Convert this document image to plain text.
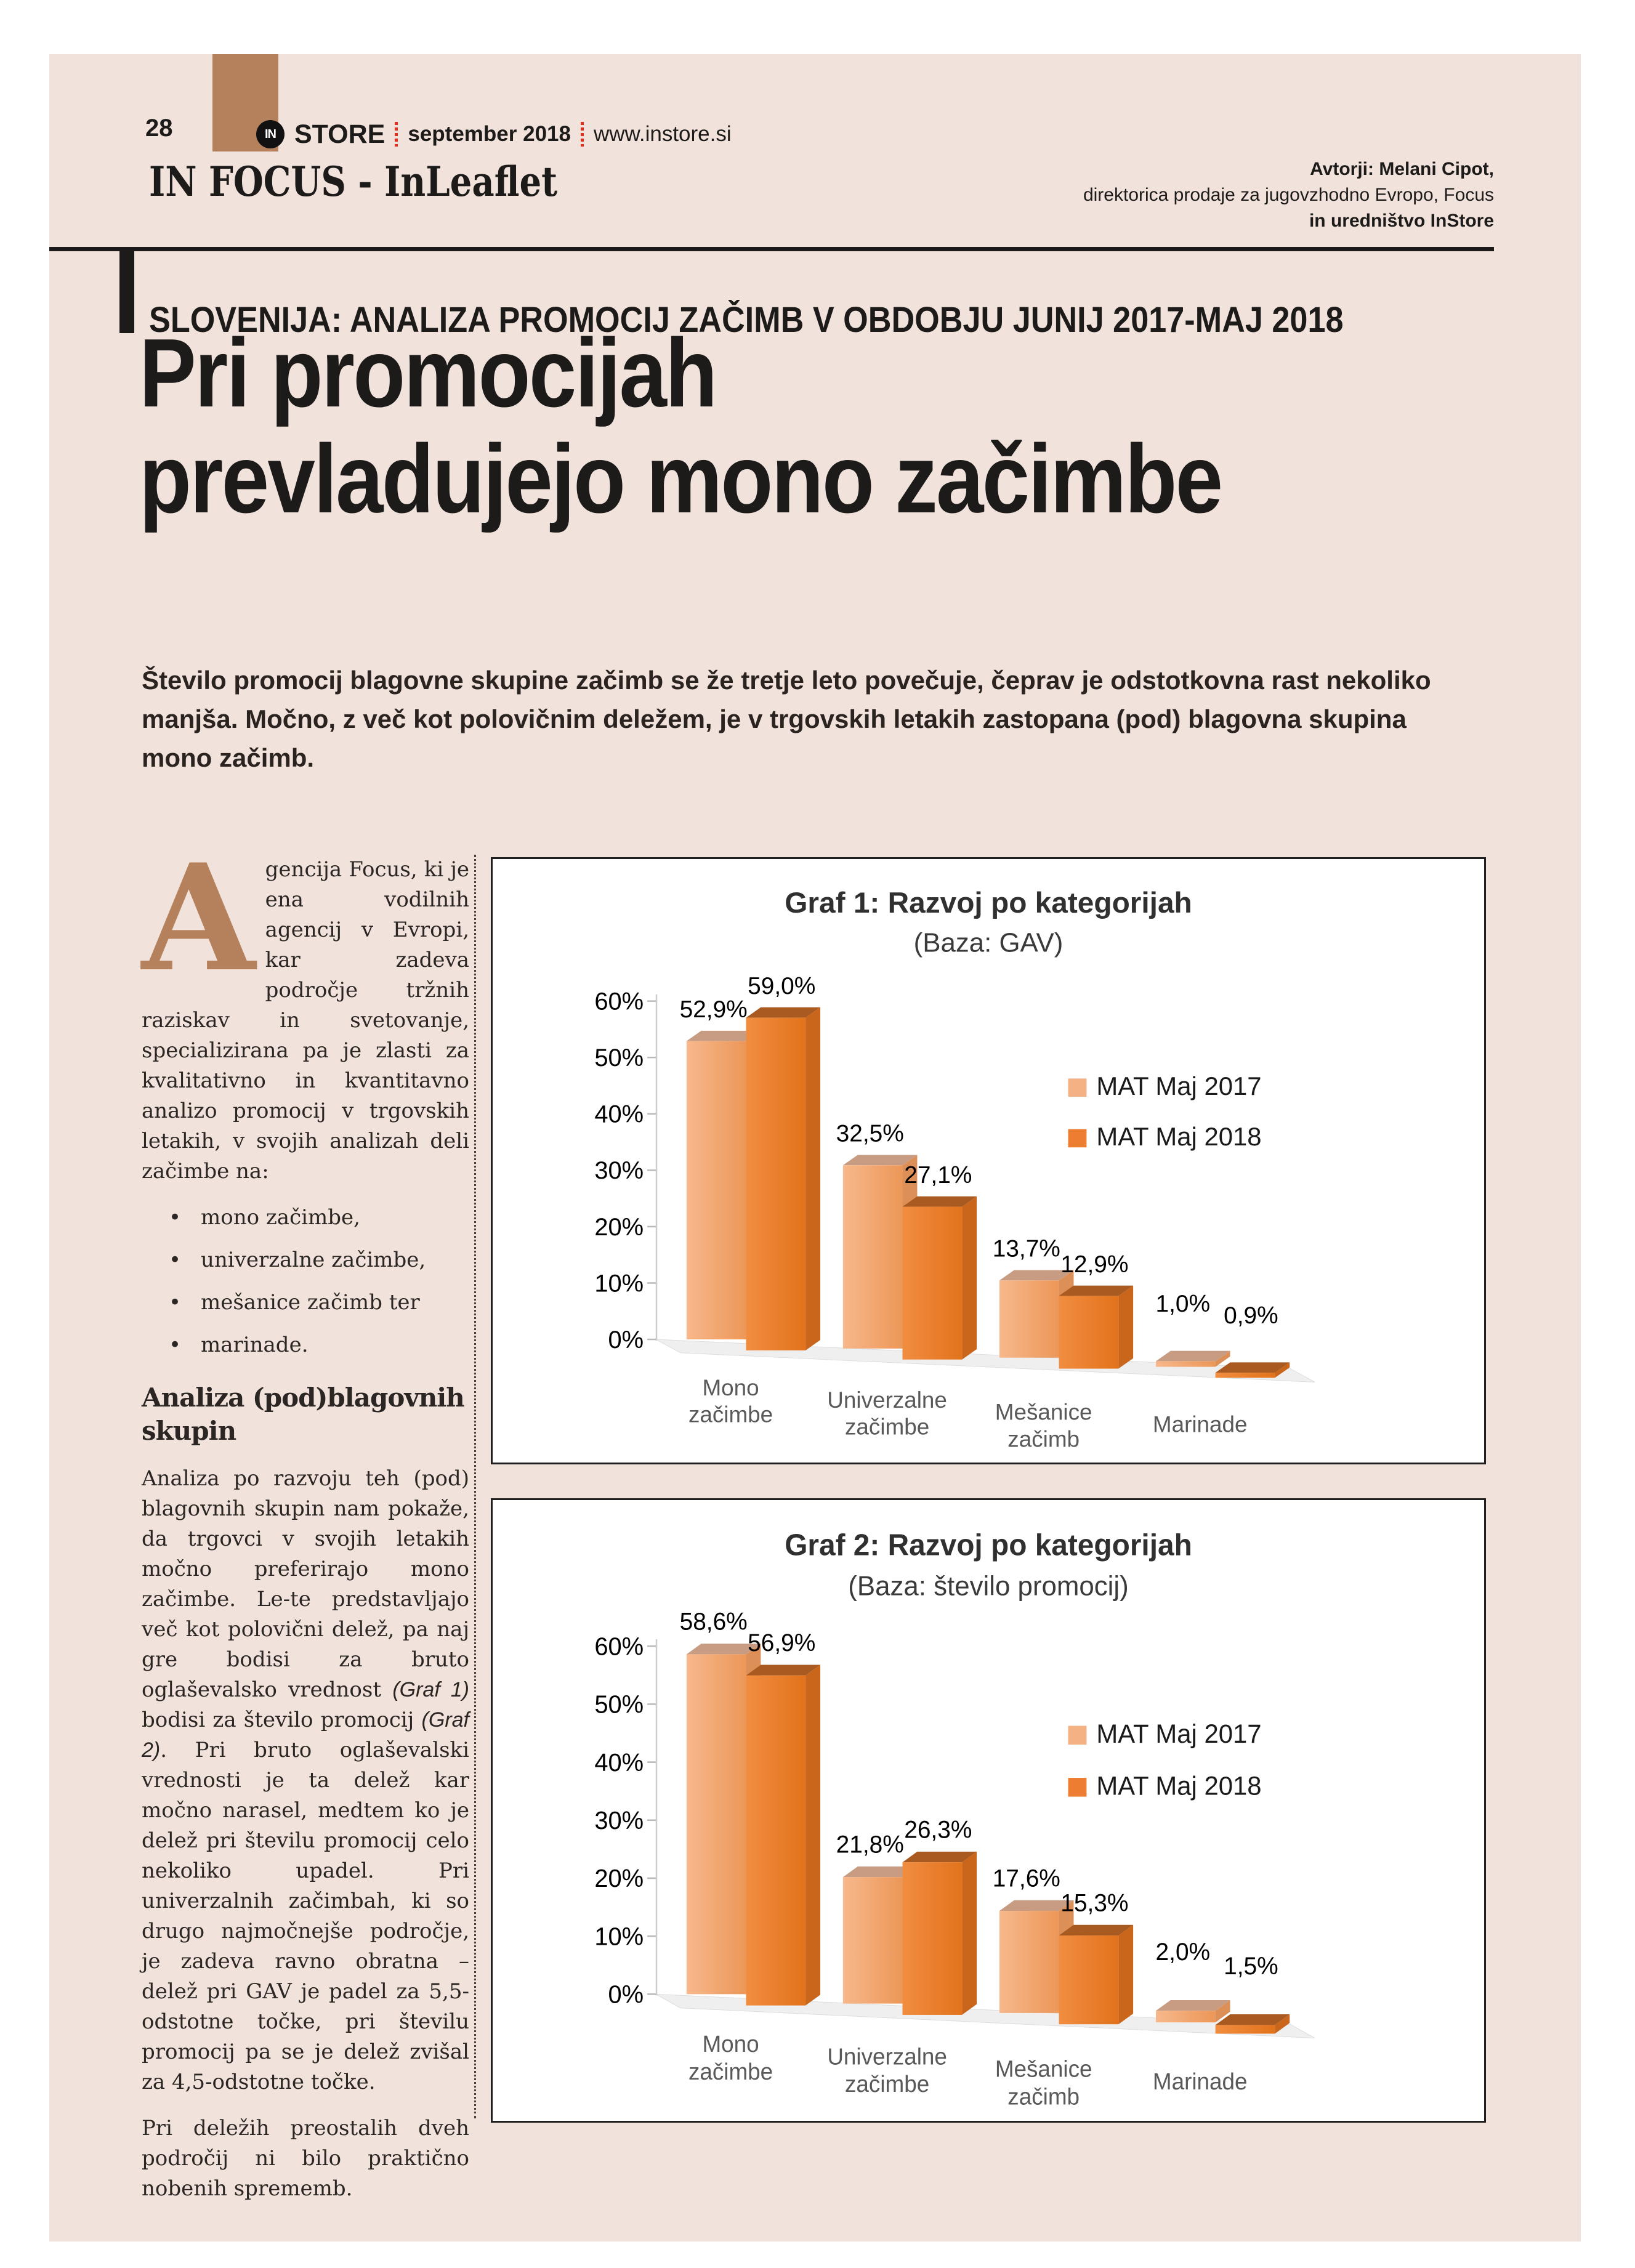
28	IN STORE september 2018 www.instore.si
IN FOCUS - InLeaflet	Avtorji: Melani Cipot,
direktorica prodaje za jugovzhodno Evropo, Focus
in uredništvo InStore
SLOVENIJA: ANALIZA PROMOCIJ ZAČIMB V OBDOBJU JUNIJ 2017-MAJ 2018
Pri promocijah
prevladujejo mono začimbe
Število promocij blagovne skupine začimb se že tretje leto povečuje, čeprav je odstotkovna rast nekoliko manjša. Močno, z več kot polovičnim deležem, je v trgovskih letakih zastopana (pod) blagovna skupina mono začimb.
Agencija Focus, ki je ena vodilnih agencij v Evropi, kar zadeva področje tržnih raziskav in svetovanje, specializirana pa je zlasti za kvalitativno in kvantitavno analizo promocij v trgovskih letakih, v svojih analizah deli začimbe na:
• mono začimbe,
• univerzalne začimbe,
• mešanice začimb ter
• marinade.
Analiza (pod)blagovnih skupin
Analiza po razvoju teh (pod) blagovnih skupin nam pokaže, da trgovci v svojih letakih močno preferirajo mono začimbe. Le-te predstavljajo več kot polovični delež, pa naj gre bodisi za bruto oglaševalsko vrednost (Graf 1) bodisi za število promocij (Graf 2). Pri bruto oglaševalski vrednosti je ta delež kar močno narasel, medtem ko je delež pri številu promocij celo nekoliko upadel. Pri univerzalnih začimbah, ki so drugo najmočnejše področje, je zadeva ravno obratna – delež pri GAV je padel za 5,5-odstotne točke, pri številu promocij pa se je delež zvišal za 4,5-odstotne točke.
Pri deležih preostalih dveh področij ni bilo praktično nobenih sprememb.
Graf 1: Razvoj po kategorijah
(Baza: GAV)
0%
10%
20%
30%
40%
50%
60% 52,9%
59,0%
Mono začimbe
32,5%
27,1%
Univerzalne začimbe
13,7%
12,9%
Mešanice začimb
1,0% 0,9%
Marinade
MAT Maj 2017
MAT Maj 2018
Graf 2: Razvoj po kategorijah
(Baza: število promocij)
0%
10%
20%
30%
40%
50%
60%
58,6%
56,9%
Mono začimbe
21,8%
26,3%
Univerzalne začimbe
17,6%
15,3%
Mešanice začimb
2,0%
1,5%
Marinade
MAT Maj 2017
MAT Maj 2018
